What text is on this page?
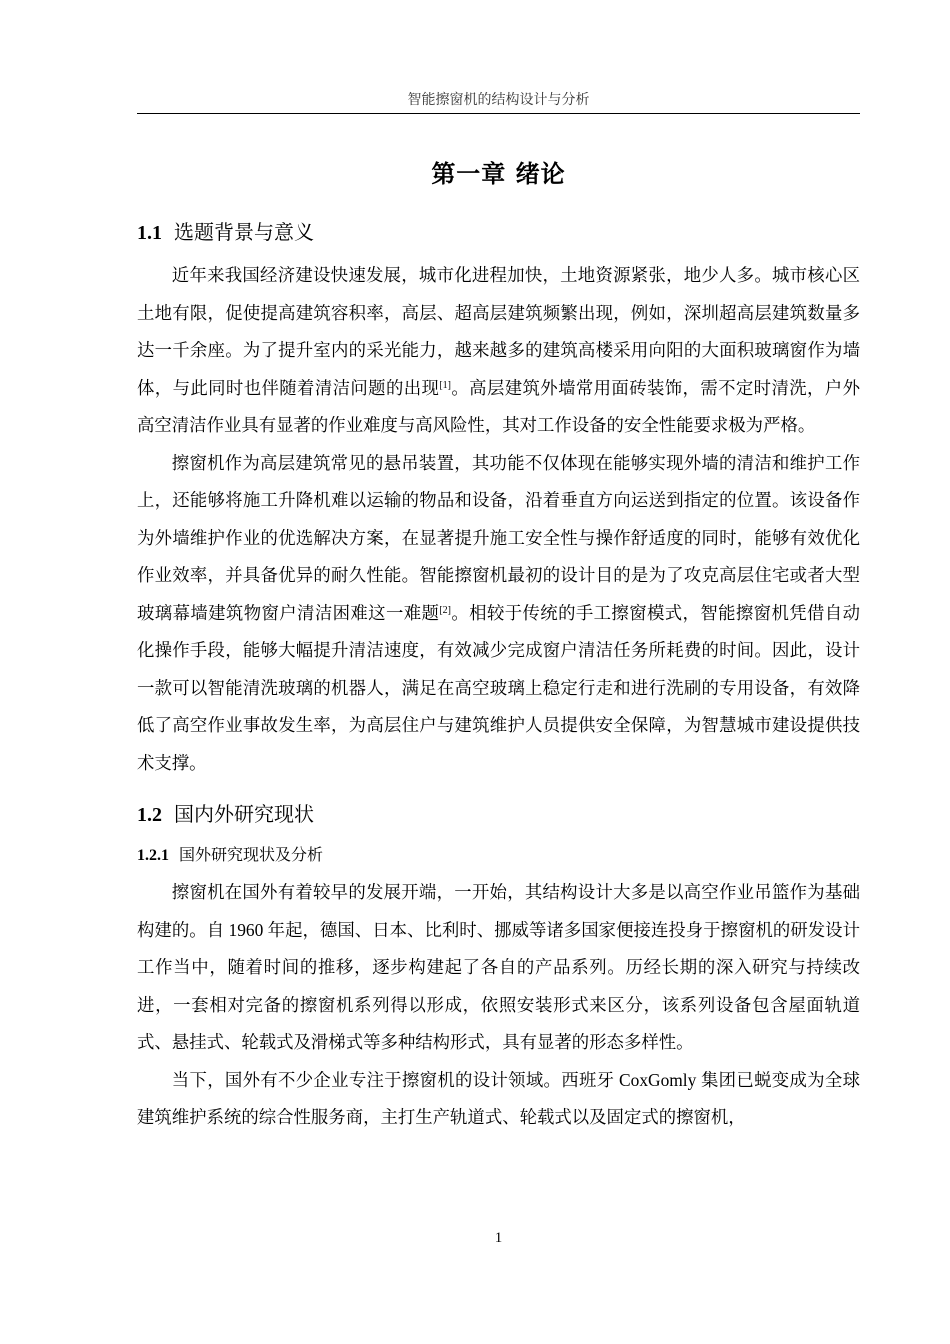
智能擦窗机的结构设计与分析
第一章 绪论
1.1 选题背景与意义

近年来我国经济建设快速发展，城市化进程加快，土地资源紧张，地少人多。城市核心区土地有限，促使提高建筑容积率，高层、超高层建筑频繁出现，例如，深圳超高层建筑数量多达一千余座。为了提升室内的采光能力，越来越多的建筑高楼采用向阳的大面积玻璃窗作为墙体，与此同时也伴随着清洁问题的出现[1]。高层建筑外墙常用面砖装饰，需不定时清洗，户外高空清洁作业具有显著的作业难度与高风险性，其对工作设备的安全性能要求极为严格。

擦窗机作为高层建筑常见的悬吊装置，其功能不仅体现在能够实现外墙的清洁和维护工作上，还能够将施工升降机难以运输的物品和设备，沿着垂直方向运送到指定的位置。该设备作为外墙维护作业的优选解决方案，在显著提升施工安全性与操作舒适度的同时，能够有效优化作业效率，并具备优异的耐久性能。智能擦窗机最初的设计目的是为了攻克高层住宅或者大型玻璃幕墙建筑物窗户清洁困难这一难题[2]。相较于传统的手工擦窗模式，智能擦窗机凭借自动化操作手段，能够大幅提升清洁速度，有效减少完成窗户清洁任务所耗费的时间。因此，设计一款可以智能清洗玻璃的机器人，满足在高空玻璃上稳定行走和进行洗刷的专用设备，有效降低了高空作业事故发生率，为高层住户与建筑维护人员提供安全保障，为智慧城市建设提供技术支撑。

1.2 国内外研究现状
1.2.1 国外研究现状及分析

擦窗机在国外有着较早的发展开端，一开始，其结构设计大多是以高空作业吊篮作为基础构建的。自 1960 年起，德国、日本、比利时、挪威等诸多国家便接连投身于擦窗机的研发设计工作当中，随着时间的推移，逐步构建起了各自的产品系列。历经长期的深入研究与持续改进，一套相对完备的擦窗机系列得以形成，依照安装形式来区分，该系列设备包含屋面轨道式、悬挂式、轮载式及滑梯式等多种结构形式，具有显著的形态多样性。

当下，国外有不少企业专注于擦窗机的设计领域。西班牙 CoxGomly 集团已蜕变成为全球建筑维护系统的综合性服务商，主打生产轨道式、轮载式以及固定式的擦窗机，

1
